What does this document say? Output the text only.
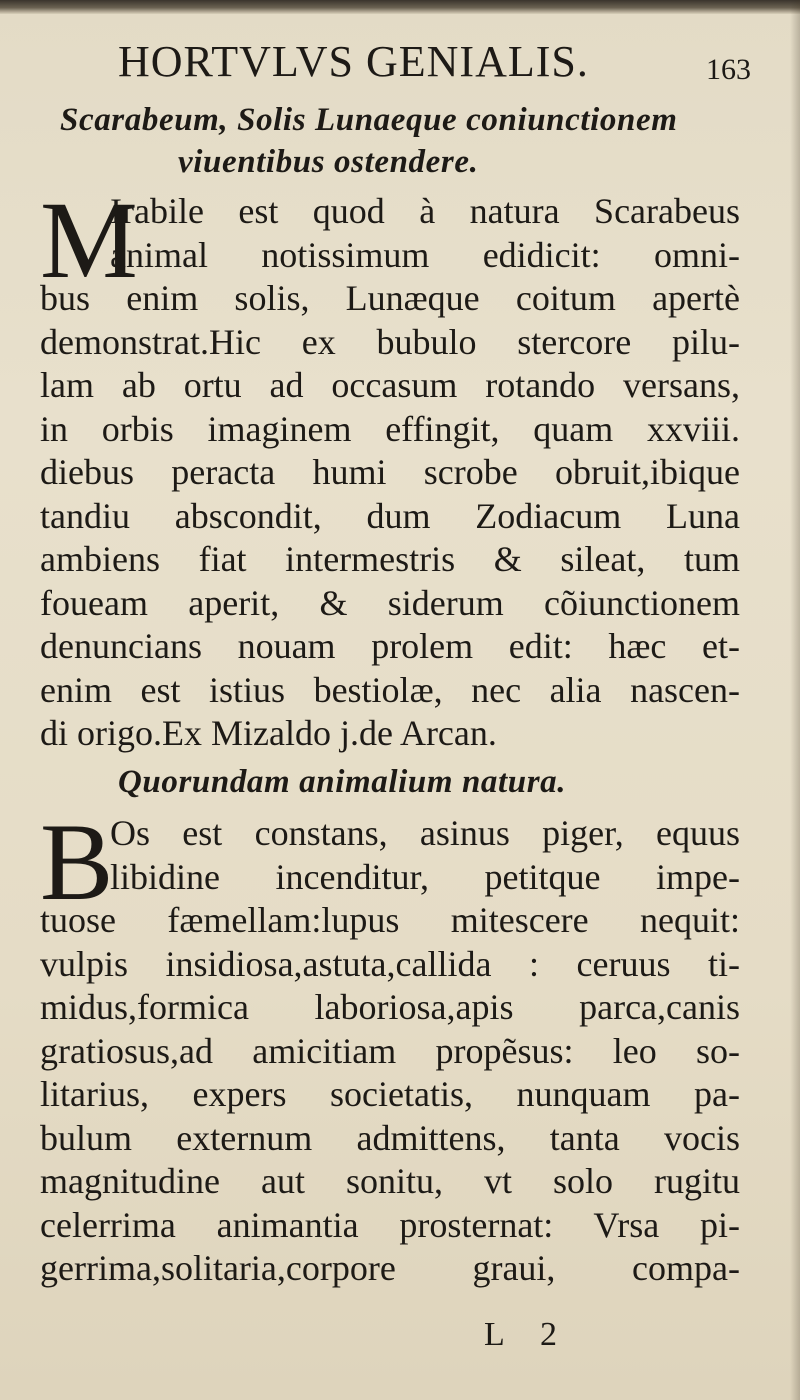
HORTVLVS GENIALIS.	163
Scarabeum, Solis Lunaeque coniunctionem
viuentibus ostendere.
M
Irabile est quod à natura Scarabeus
animal notissimum edidicit: omni-
bus enim solis, Lunæque coitum apertè
demonstrat.Hic ex bubulo stercore pilu-
lam ab ortu ad occasum rotando versans,
in orbis imaginem effingit, quam xxviii.
diebus peracta humi scrobe obruit,ibique
tandiu abscondit, dum Zodiacum Luna
ambiens fiat intermestris & sileat, tum
foueam aperit, & siderum cõiunctionem
denuncians nouam prolem edit: hæc et-
enim est istius bestiolæ, nec alia nascen-
di origo.Ex Mizaldo j.de Arcan.
Quorundam animalium natura.
B
Os est constans, asinus piger, equus
libidine incenditur, petitque impe-
tuose fæmellam:lupus mitescere nequit:
vulpis insidiosa,astuta,callida : ceruus ti-
midus,formica laboriosa,apis parca,canis
gratiosus,ad amicitiam propẽsus: leo so-
litarius, expers societatis, nunquam pa-
bulum externum admittens, tanta vocis
magnitudine aut sonitu, vt solo rugitu
celerrima animantia prosternat: Vrsa pi-
gerrima,solitaria,corpore graui, compa-
L 2
